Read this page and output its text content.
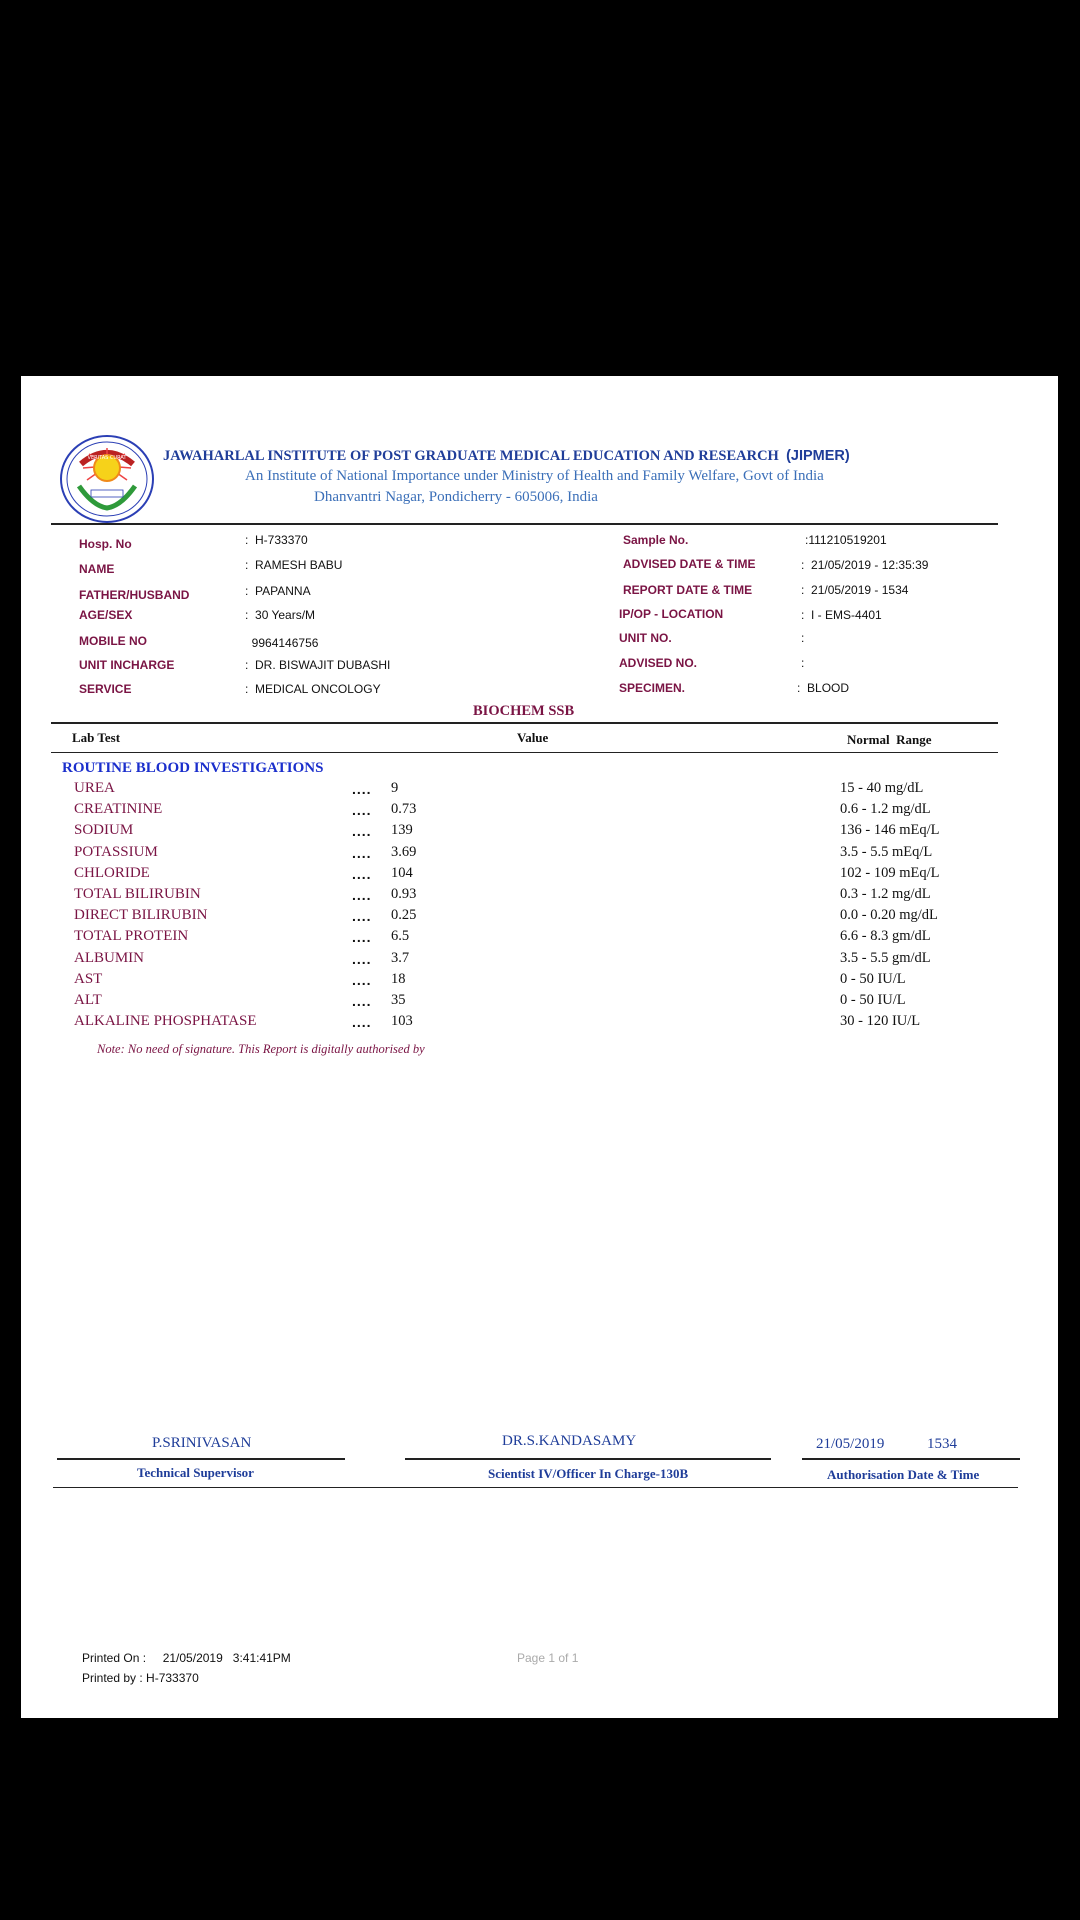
VERITAS CURAT	JAWAHARLAL INSTITUTE OF POST GRADUATE MEDICAL EDUCATION AND RESEARCH (JIPMER)
An Institute of National Importance under Ministry of Health and Family Welfare, Govt of India
Dhanvantri Nagar, Pondicherry - 605006, India
Hosp. No	:  H-733370
NAME	:  RAMESH BABU
FATHER/HUSBAND	:  PAPANNA
AGE/SEX	:  30 Years/M
MOBILE NO	9964146756
UNIT INCHARGE	:  DR. BISWAJIT DUBASHI
SERVICE	:  MEDICAL ONCOLOGY
Sample No.	:111210519201
ADVISED DATE & TIME	:  21/05/2019 - 12:35:39
REPORT DATE & TIME	:  21/05/2019 - 1534
IP/OP - LOCATION	:  I - EMS-4401
UNIT NO.	:
ADVISED NO.	:
SPECIMEN.	:  BLOOD
BIOCHEM SSB
Lab Test	Value	Normal  Range
ROUTINE BLOOD INVESTIGATIONS
UREA	.... 9	15 - 40 mg/dL
CREATININE	.... 0.73	0.6 - 1.2 mg/dL
SODIUM	.... 139	136 - 146 mEq/L
POTASSIUM	.... 3.69	3.5 - 5.5 mEq/L
CHLORIDE	.... 104	102 - 109 mEq/L
TOTAL BILIRUBIN	.... 0.93	0.3 - 1.2 mg/dL
DIRECT BILIRUBIN	.... 0.25	0.0 - 0.20 mg/dL
TOTAL PROTEIN	.... 6.5	6.6 - 8.3 gm/dL
ALBUMIN	.... 3.7	3.5 - 5.5 gm/dL
AST	.... 18	0 - 50 IU/L
ALT	.... 35	0 - 50 IU/L
ALKALINE PHOSPHATASE	.... 103	30 - 120 IU/L
Note: No need of signature. This Report is digitally authorised by
P.SRINIVASAN
Technical Supervisor
DR.S.KANDASAMY
Scientist IV/Officer In Charge-130B
21/05/2019	1534
Authorisation Date & Time
Printed On : 21/05/2019   3:41:41PM
Printed by : H-733370
Page 1 of 1
